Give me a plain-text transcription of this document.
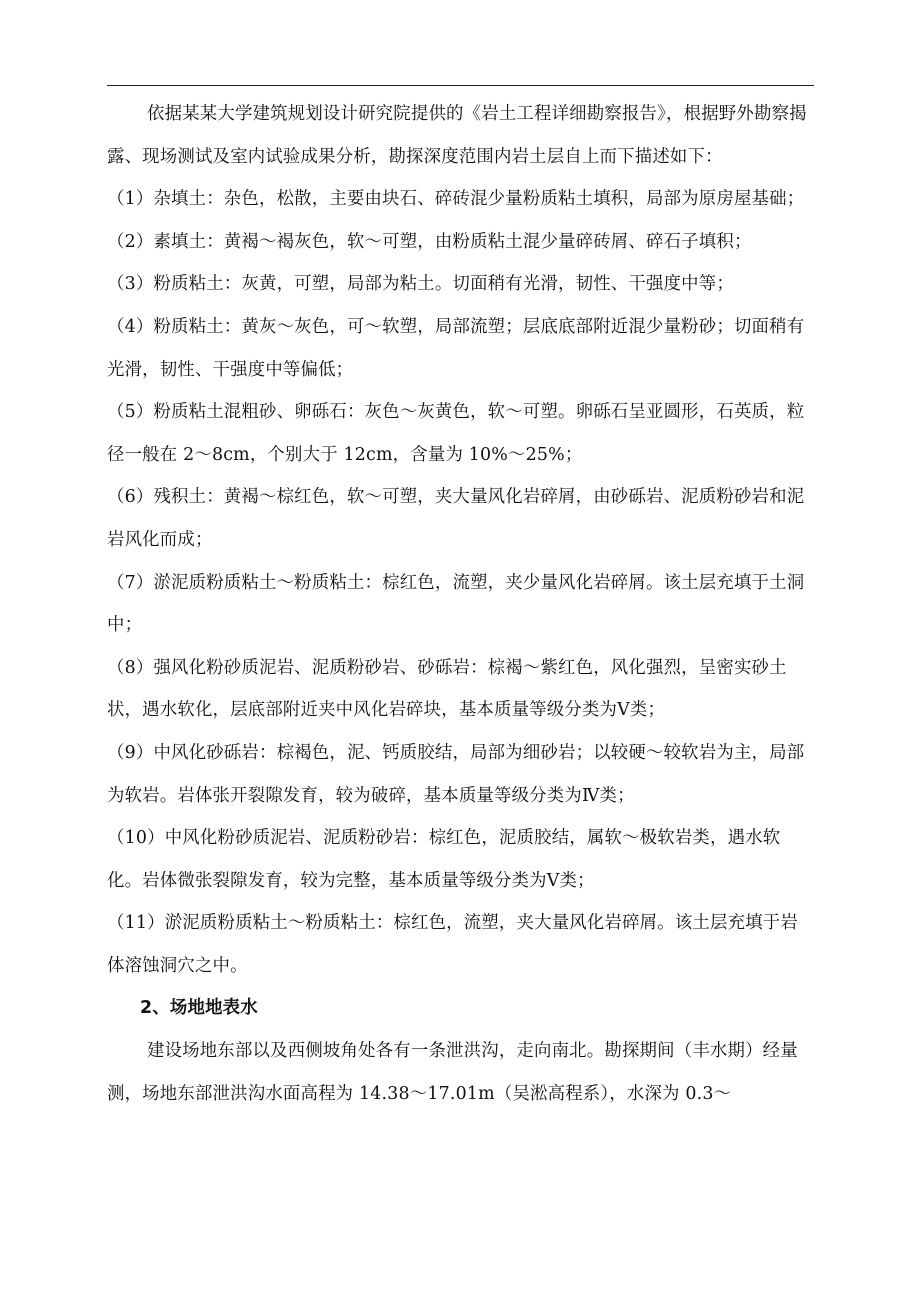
依据某某大学建筑规划设计研究院提供的《岩土工程详细勘察报告》，根据野外勘察揭露、现场测试及室内试验成果分析，勘探深度范围内岩土层自上而下描述如下：

（1）杂填土：杂色，松散，主要由块石、碎砖混少量粉质粘土填积，局部为原房屋基础；

（2）素填土：黄褐～褐灰色，软～可塑，由粉质粘土混少量碎砖屑、碎石子填积；

（3）粉质粘土：灰黄，可塑，局部为粘土。切面稍有光滑，韧性、干强度中等；

（4）粉质粘土：黄灰～灰色，可～软塑，局部流塑；层底底部附近混少量粉砂；切面稍有光滑，韧性、干强度中等偏低；

（5）粉质粘土混粗砂、卵砾石：灰色～灰黄色，软～可塑。卵砾石呈亚圆形，石英质，粒径一般在 2～8cm，个别大于 12cm，含量为 10%～25%；

（6）残积土：黄褐～棕红色，软～可塑，夹大量风化岩碎屑，由砂砾岩、泥质粉砂岩和泥岩风化而成；

（7）淤泥质粉质粘土～粉质粘土：棕红色，流塑，夹少量风化岩碎屑。该土层充填于土洞中；

（8）强风化粉砂质泥岩、泥质粉砂岩、砂砾岩：棕褐～紫红色，风化强烈，呈密实砂土状，遇水软化，层底部附近夹中风化岩碎块，基本质量等级分类为Ⅴ类；

（9）中风化砂砾岩：棕褐色，泥、钙质胶结，局部为细砂岩；以较硬～较软岩为主，局部为软岩。岩体张开裂隙发育，较为破碎，基本质量等级分类为Ⅳ类；

（10）中风化粉砂质泥岩、泥质粉砂岩：棕红色，泥质胶结，属软～极软岩类，遇水软化。岩体微张裂隙发育，较为完整，基本质量等级分类为Ⅴ类；

（11）淤泥质粉质粘土～粉质粘土：棕红色，流塑，夹大量风化岩碎屑。该土层充填于岩体溶蚀洞穴之中。

2、场地地表水

建设场地东部以及西侧坡角处各有一条泄洪沟，走向南北。勘探期间（丰水期）经量测，场地东部泄洪沟水面高程为 14.38～17.01m（吴淞高程系），水深为 0.3～
